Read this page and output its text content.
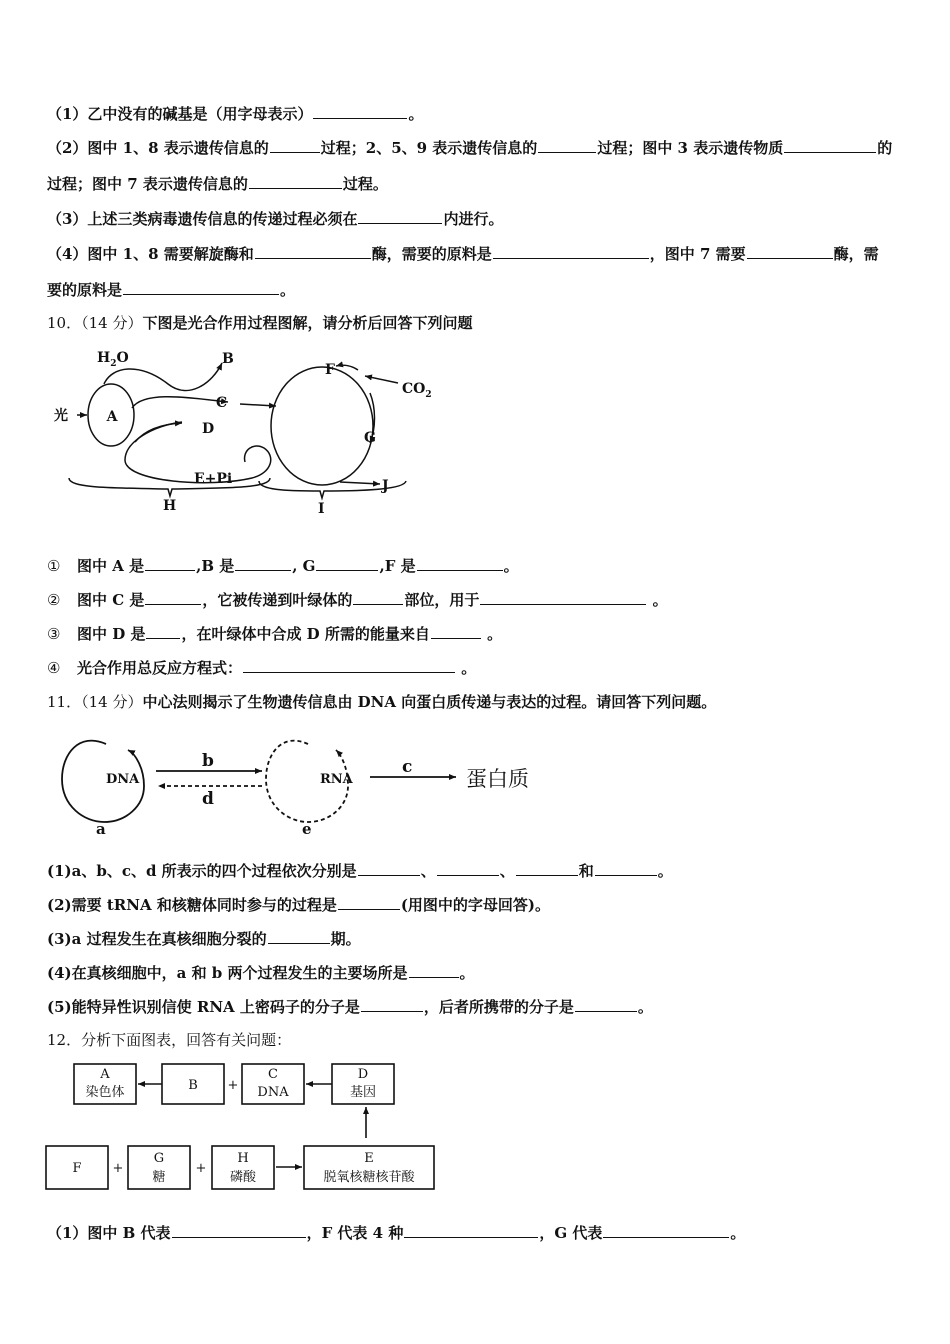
（1）乙中没有的碱基是（用字母表示）	。
（2）图中 1、8 表示遗传信息的	过程；2、5、9 表示遗传信息的	过程；图中 3 表示遗传物质	的
过程；图中 7 表示遗传信息的	过程。
（3）上述三类病毒遗传信息的传递过程必须在	内进行。
（4）图中 1、8 需要解旋酶和	酶，需要的原料是	，图中 7 需要	酶，需
要的原料是	。
10．（14 分）下图是光合作用过程图解，请分析后回答下列问题
$H_2O$	B
光	A
C
D
E+Pi
F
$CO_2$
G
J
H	I
① 图中 A 是	,B 是	, G	,F 是	。
② 图中 C 是	，它被传递到叶绿体的	部位，用于	。
③ 图中 D 是 ，在叶绿体中合成 D 所需的能量来自	。
④ 光合作用总反应方程式：	。
11．（14 分）中心法则揭示了生物遗传信息由 DNA 向蛋白质传递与表达的过程。请回答下列问题。
DNA	RNA	蛋白质
a
b	c
d
e
(1)a、b、c、d 所表示的四个过程依次分别是	、	、	和	。
(2)需要 tRNA 和核糖体同时参与的过程是	(用图中的字母回答)。
(3)a 过程发生在真核细胞分裂的	期。
(4)在真核细胞中，a 和 b 两个过程发生的主要场所是	。
(5)能特异性识别信使 RNA 上密码子的分子是	，后者所携带的分子是	。
12．分析下面图表，回答有关问题：
A
染色体	B +
C
DNA
D
基因
F +
G
糖
+
H
磷酸
E
脱氧核糖核苷酸
（1）图中 B 代表	，F 代表 4 种	，G 代表	。
